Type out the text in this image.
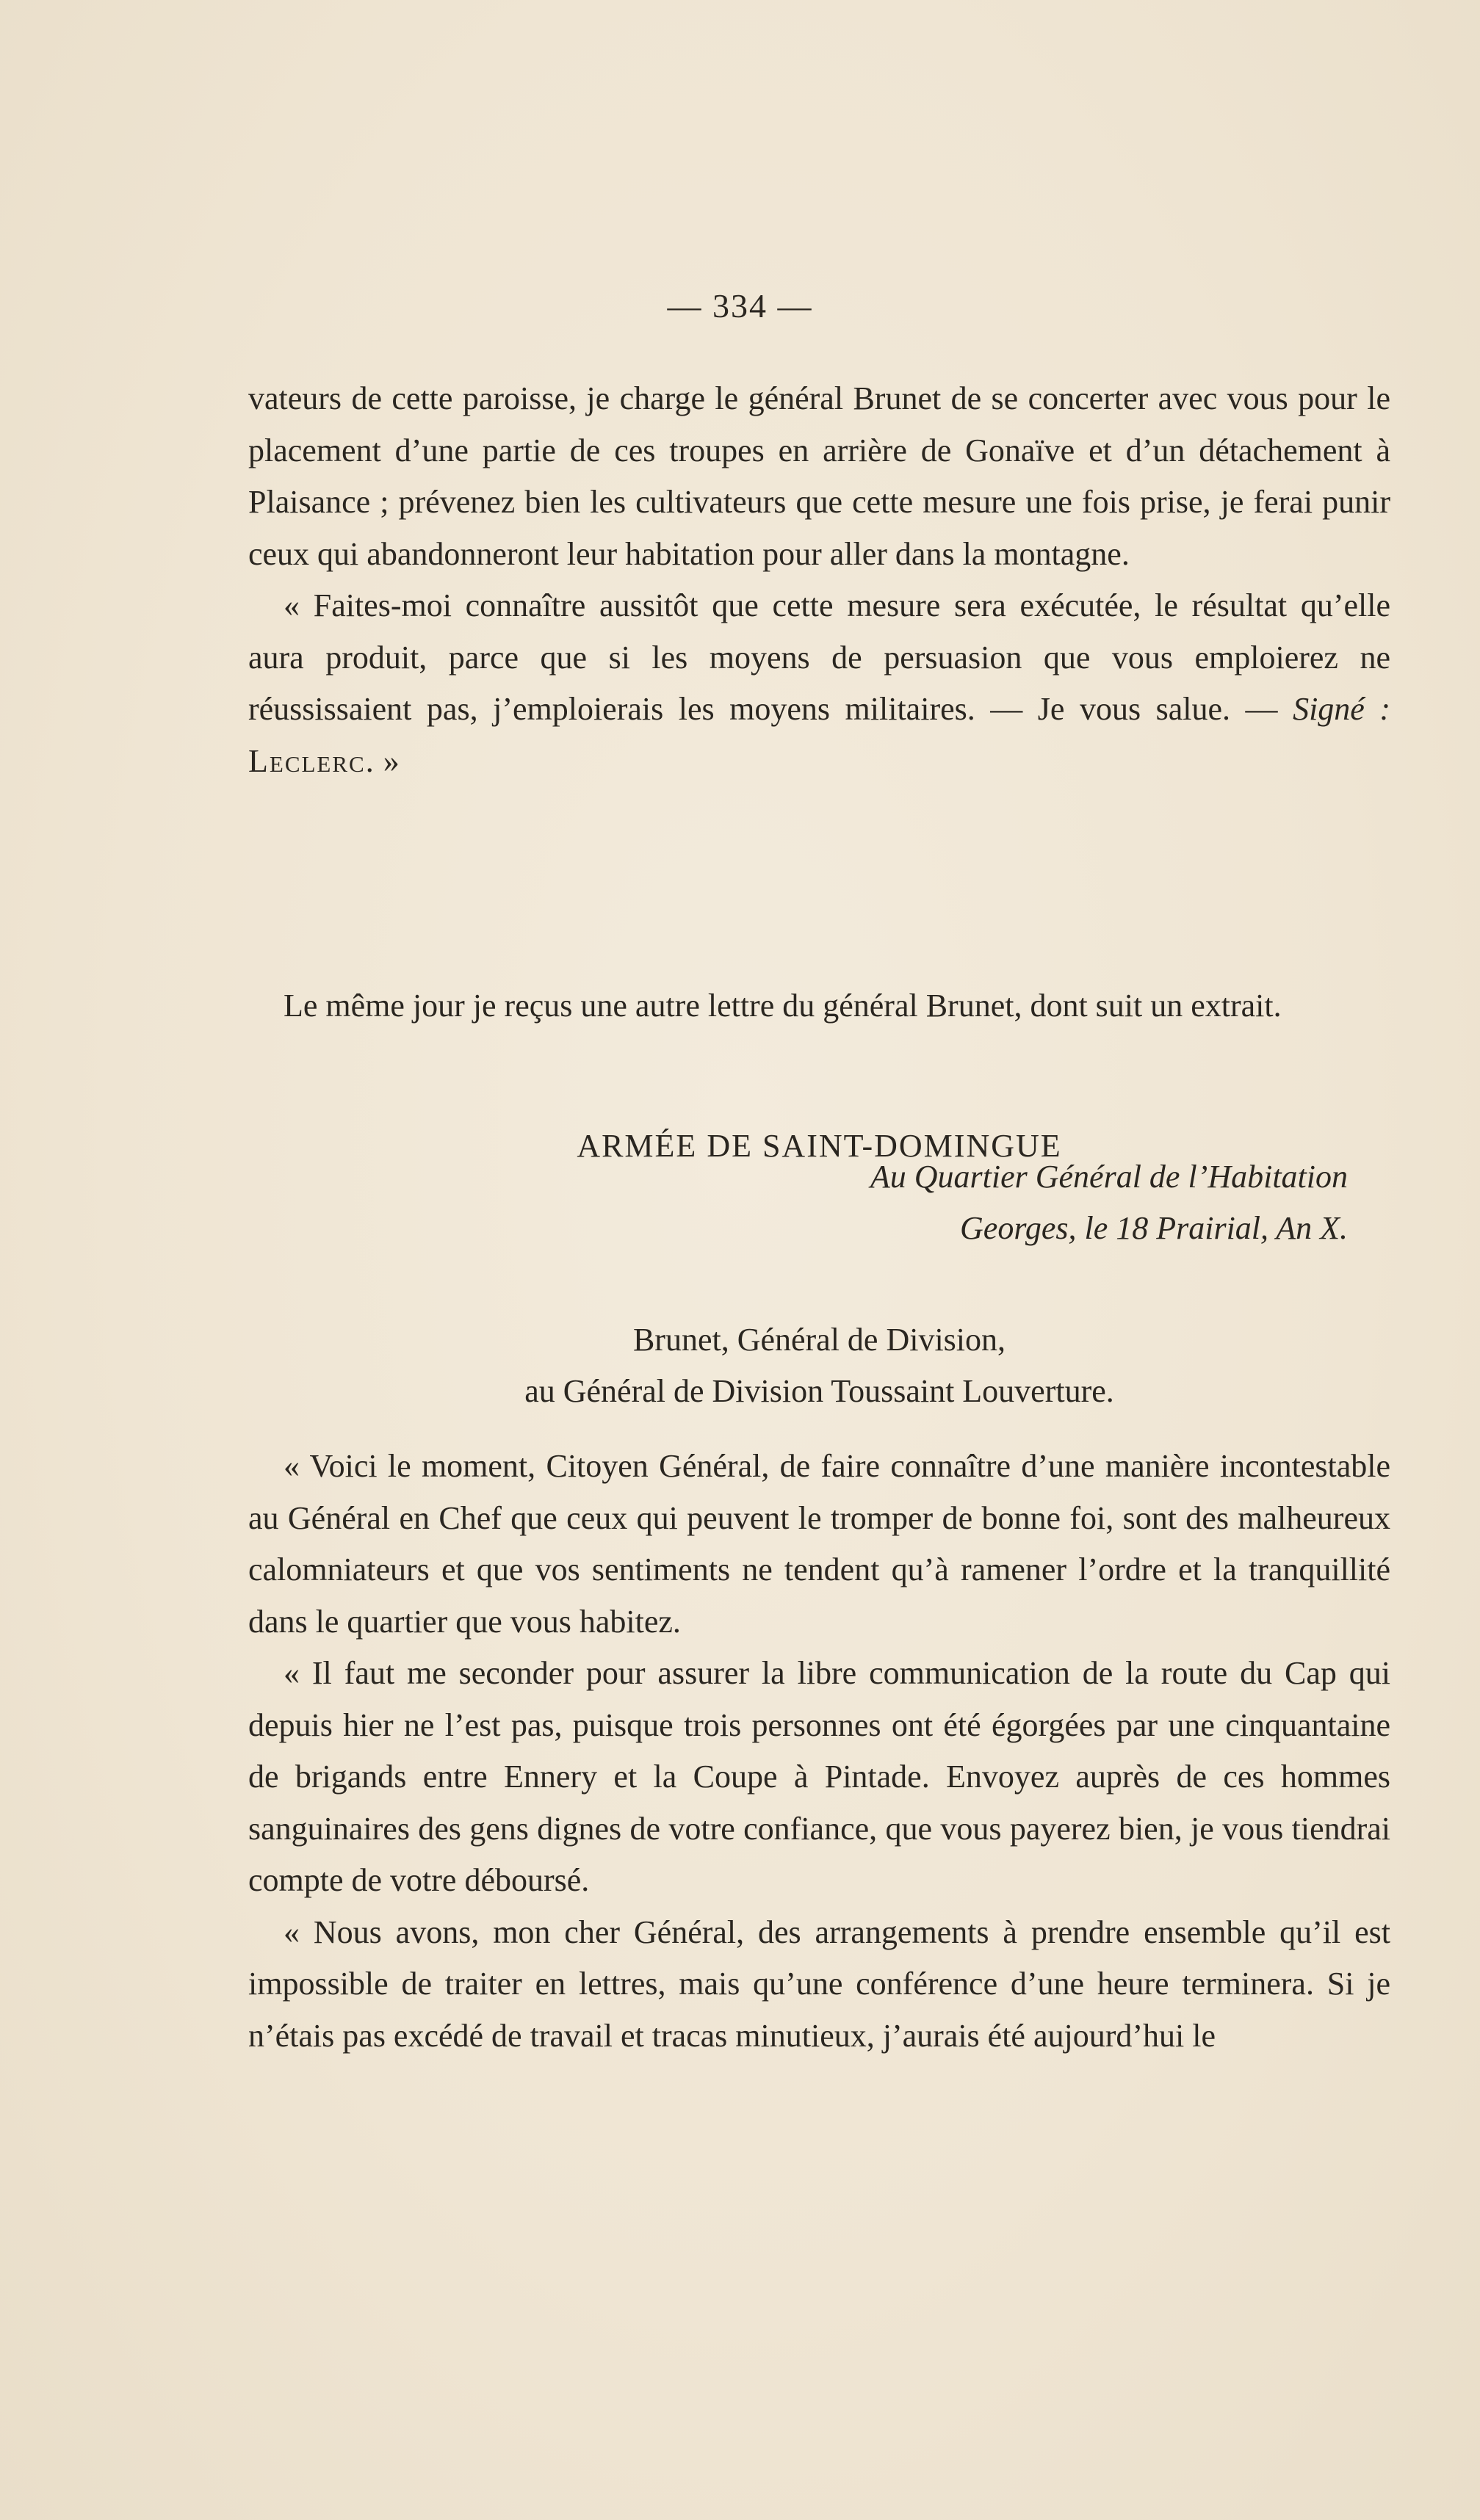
— 334 —

vateurs de cette paroisse, je charge le général Brunet de se concerter avec vous pour le placement d’une partie de ces troupes en arrière de Gonaïve et d’un détachement à Plaisance ; prévenez bien les cultivateurs que cette mesure une fois prise, je ferai punir ceux qui abandonneront leur habitation pour aller dans la montagne.

« Faites-moi connaître aussitôt que cette mesure sera exécutée, le résultat qu’elle aura produit, parce que si les moyens de persuasion que vous emploierez ne réussissaient pas, j’emploierais les moyens militaires. — Je vous salue. — Signé : Leclerc. »

Le même jour je reçus une autre lettre du général Brunet, dont suit un extrait.
ARMÉE DE SAINT-DOMINGUE
Au Quartier Général de l’Habitation
Georges, le 18 Prairial, An X.
Brunet, Général de Division,
au Général de Division Toussaint Louverture.

« Voici le moment, Citoyen Général, de faire connaître d’une manière incontestable au Général en Chef que ceux qui peuvent le tromper de bonne foi, sont des malheureux calomniateurs et que vos sentiments ne tendent qu’à ramener l’ordre et la tranquillité dans le quartier que vous habitez.

« Il faut me seconder pour assurer la libre communication de la route du Cap qui depuis hier ne l’est pas, puisque trois personnes ont été égorgées par une cinquantaine de brigands entre Ennery et la Coupe à Pintade. Envoyez auprès de ces hommes sanguinaires des gens dignes de votre confiance, que vous payerez bien, je vous tiendrai compte de votre déboursé.

« Nous avons, mon cher Général, des arrangements à prendre ensemble qu’il est impossible de traiter en lettres, mais qu’une conférence d’une heure terminera. Si je n’étais pas excédé de travail et tracas minutieux, j’aurais été aujourd’hui le
